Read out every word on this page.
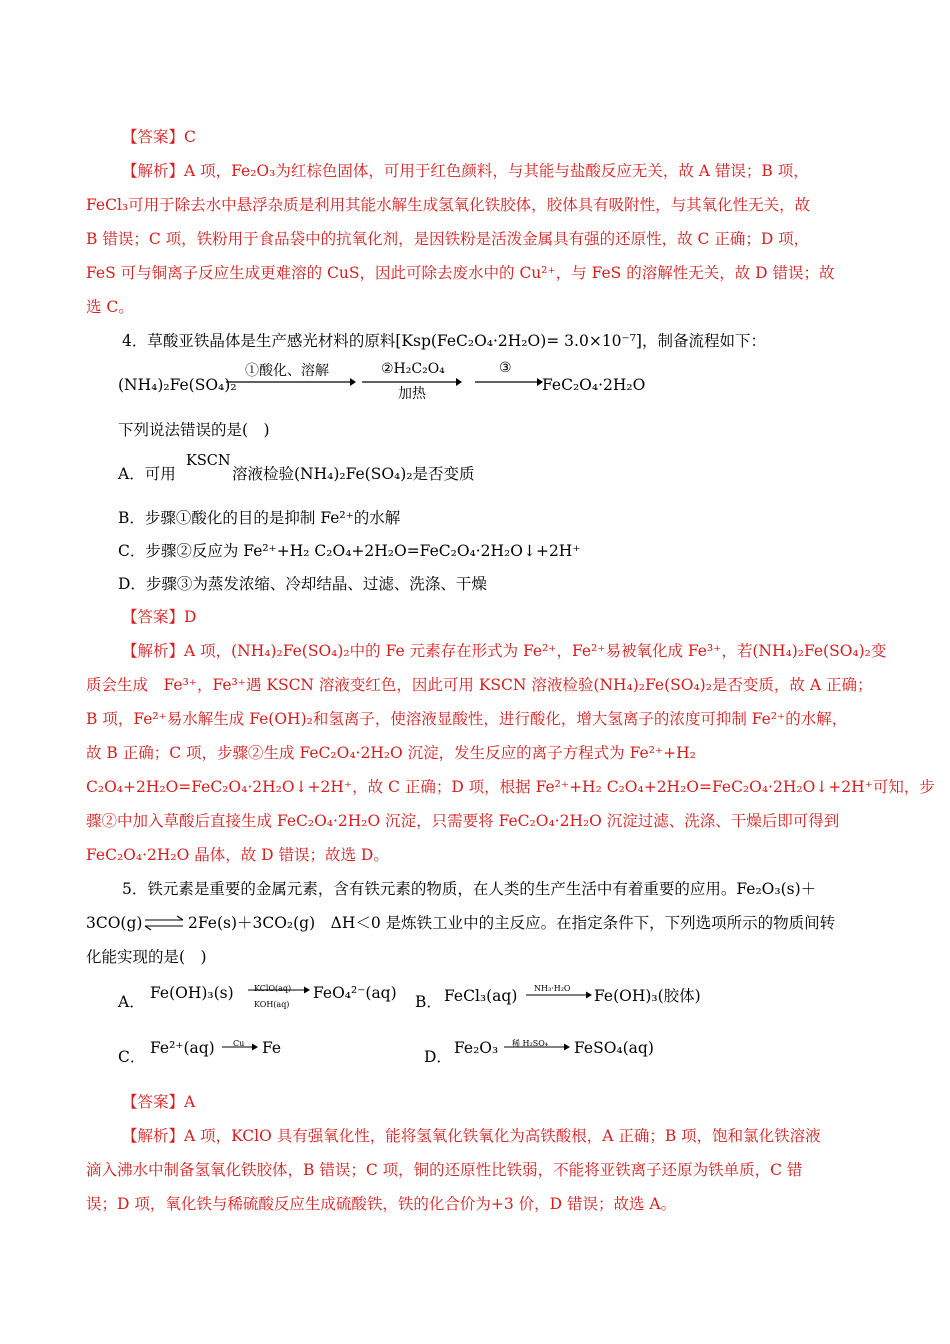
【答案】C
【解析】A 项，Fe₂O₃为红棕色固体，可用于红色颜料，与其能与盐酸反应无关，故 A 错误；B 项，
FeCl₃可用于除去水中悬浮杂质是利用其能水解生成氢氧化铁胶体，胶体具有吸附性，与其氧化性无关，故
B 错误；C 项，铁粉用于食品袋中的抗氧化剂，是因铁粉是活泼金属具有强的还原性，故 C 正确；D 项，
FeS 可与铜离子反应生成更难溶的 CuS，因此可除去废水中的 Cu²⁺，与 FeS 的溶解性无关，故 D 错误；故
选 C。
4．草酸亚铁晶体是生产感光材料的原料[Ksp(FeC₂O₄·2H₂O)= 3.0×10⁻⁷]，制备流程如下：
(NH₄)₂Fe(SO₄)₂
①酸化、溶解	②H₂C₂O₄
加热
③
FeC₂O₄·2H₂O
下列说法错误的是(　)
A．可用
KSCN
溶液检验(NH₄)₂Fe(SO₄)₂是否变质
B．步骤①酸化的目的是抑制 Fe²⁺的水解
C．步骤②反应为 Fe²⁺+H₂ C₂O₄+2H₂O=FeC₂O₄·2H₂O↓+2H⁺
D．步骤③为蒸发浓缩、冷却结晶、过滤、洗涤、干燥
【答案】D
【解析】A 项，(NH₄)₂Fe(SO₄)₂中的 Fe 元素存在形式为 Fe²⁺，Fe²⁺易被氧化成 Fe³⁺，若(NH₄)₂Fe(SO₄)₂变
质会生成　Fe³⁺，Fe³⁺遇 KSCN 溶液变红色，因此可用 KSCN 溶液检验(NH₄)₂Fe(SO₄)₂是否变质，故 A 正确；
B 项，Fe²⁺易水解生成 Fe(OH)₂和氢离子，使溶液显酸性，进行酸化，增大氢离子的浓度可抑制 Fe²⁺的水解，
故 B 正确；C 项，步骤②生成 FeC₂O₄·2H₂O 沉淀，发生反应的离子方程式为 Fe²⁺+H₂
C₂O₄+2H₂O=FeC₂O₄·2H₂O↓+2H⁺，故 C 正确；D 项，根据 Fe²⁺+H₂ C₂O₄+2H₂O=FeC₂O₄·2H₂O↓+2H⁺可知，步
骤②中加入草酸后直接生成 FeC₂O₄·2H₂O 沉淀，只需要将 FeC₂O₄·2H₂O 沉淀过滤、洗涤、干燥后即可得到
FeC₂O₄·2H₂O 晶体，故 D 错误；故选 D。
5．铁元素是重要的金属元素，含有铁元素的物质，在人类的生产生活中有着重要的应用。Fe₂O₃(s)＋
3CO(g) ⇌ 2Fe(s)＋3CO₂(g)　ΔH＜0 是炼铁工业中的主反应。在指定条件下，下列选项所示的物质间转
化能实现的是(　)
A． Fe(OH)₃(s)	KClO(aq)
KOH(aq)
FeO₄²⁻(aq) B． FeCl₃(aq) NH₃·H₂O Fe(OH)₃(胶体)
C． Fe²⁺(aq) Cu Fe	D． Fe₂O₃ 稀 H₂SO₄ FeSO₄(aq)
【答案】A
【解析】A 项，KClO 具有强氧化性，能将氢氧化铁氧化为高铁酸根，A 正确；B 项，饱和氯化铁溶液
滴入沸水中制备氢氧化铁胶体，B 错误；C 项，铜的还原性比铁弱，不能将亚铁离子还原为铁单质，C 错
误；D 项，氧化铁与稀硫酸反应生成硫酸铁，铁的化合价为+3 价，D 错误；故选 A。
